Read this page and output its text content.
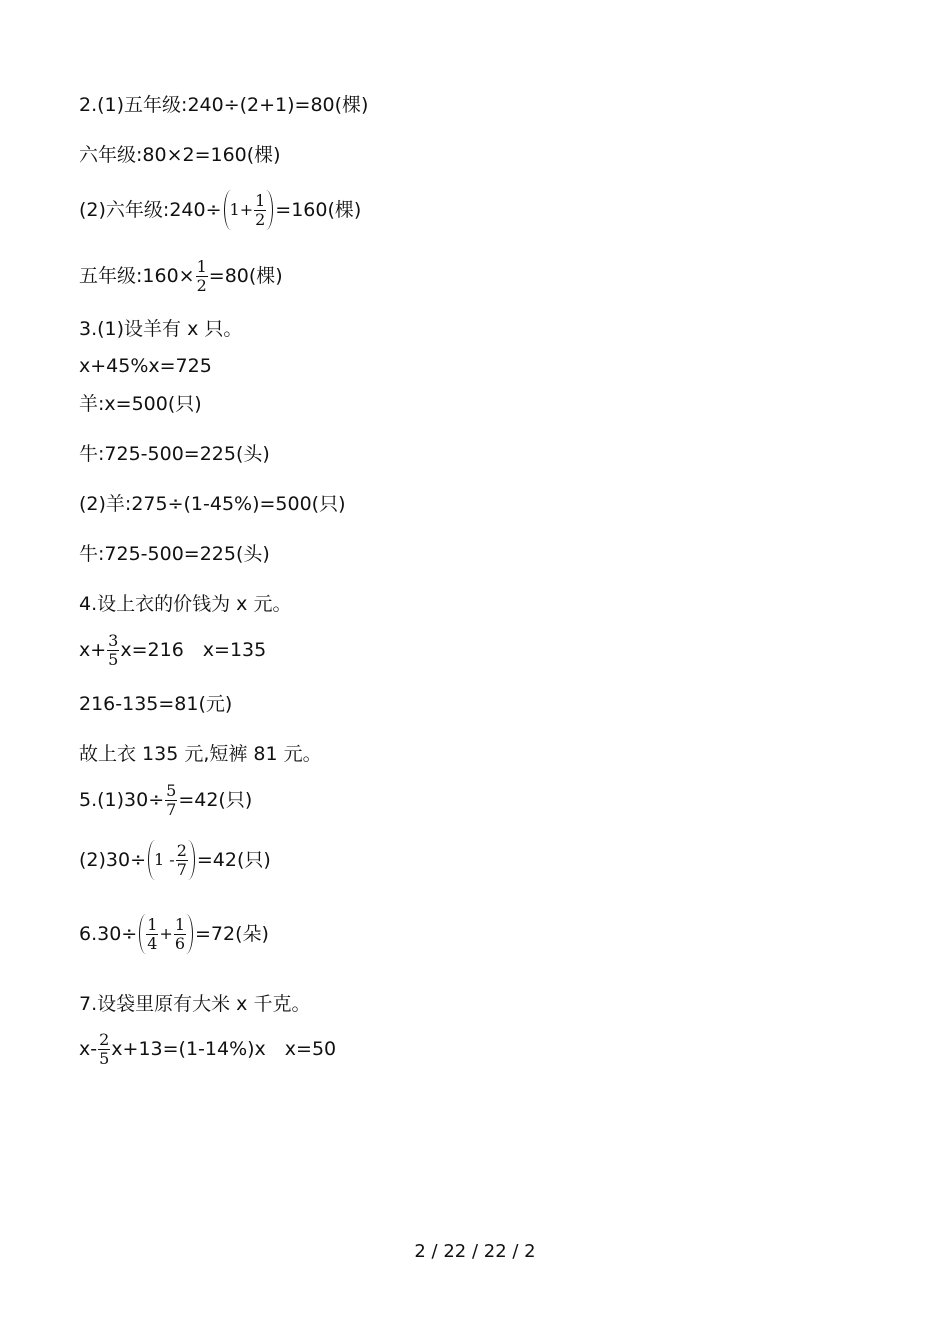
2.(1)五年级:240÷(2+1)=80(棵)
六年级:80×2=160(棵)
(2)六年级:240÷ $1+ \frac{1}{2} =160$(棵)
五年级:160× $\frac{1}{2} =80$(棵)
3.(1)设羊有 x 只。
x+45%x=725
羊:x=500(只)
牛:725-500=225(头)
(2)羊:275÷(1-45%)=500(只)
牛:725-500=225(头)
4.设上衣的价钱为 x 元。
$x+ \frac{3}{5} x=216$　x=135
216-135=81(元)
故上衣 135 元,短裤 81 元。
$5.(1)30\div \frac{5}{7} =42$(只)
$(2)30\div 1 - \frac{2}{7} =42$(只)
$6.30\div \frac{1}{4} + \frac{1}{6} =72$(朵)
7.设袋里原有大米 x 千克。
$x- \frac{2}{5} x+13=(1-14\%)x$　x=50
2 / 22 / 22 / 2
